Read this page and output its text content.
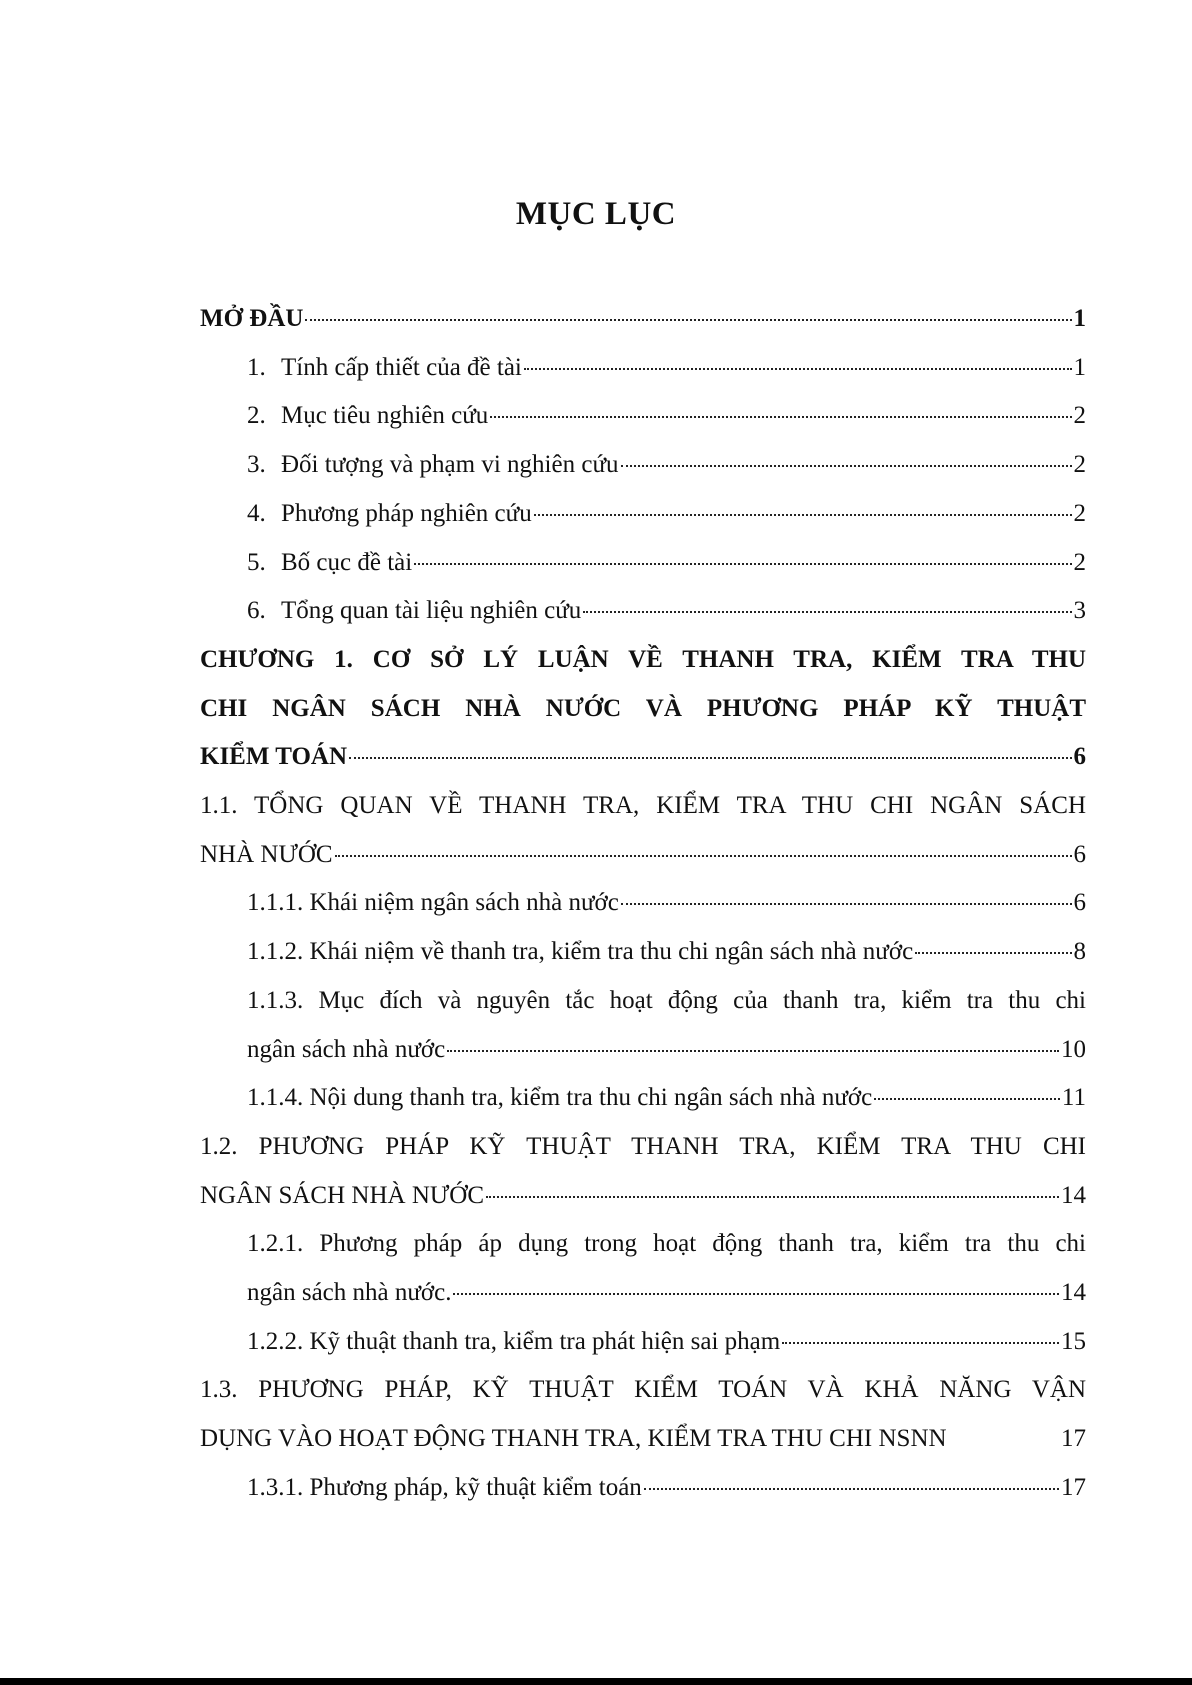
MỤC LỤC
MỞ ĐẦU	1
1. Tính cấp thiết của đề tài	1
2. Mục tiêu nghiên cứu	2
3. Đối tượng và phạm vi nghiên cứu	2
4. Phương pháp nghiên cứu	2
5. Bố cục đề tài	2
6. Tổng quan tài liệu nghiên cứu	3
CHƯƠNG 1. CƠ SỞ LÝ LUẬN VỀ THANH TRA, KIỂM TRA THU
CHI NGÂN SÁCH NHÀ NƯỚC VÀ PHƯƠNG PHÁP KỸ THUẬT
KIỂM TOÁN	6
1.1. TỔNG QUAN VỀ THANH TRA, KIỂM TRA THU CHI NGÂN SÁCH
NHÀ NƯỚC	6
1.1.1. Khái niệm ngân sách nhà nước	6
1.1.2. Khái niệm về thanh tra, kiểm tra thu chi ngân sách nhà nước	8
1.1.3. Mục đích và nguyên tắc hoạt động của thanh tra, kiểm tra thu chi
ngân sách nhà nước	10
1.1.4. Nội dung thanh tra, kiểm tra thu chi ngân sách nhà nước	11
1.2. PHƯƠNG PHÁP KỸ THUẬT THANH TRA, KIỂM TRA THU CHI
NGÂN SÁCH NHÀ NƯỚC	14
1.2.1. Phương pháp áp dụng trong hoạt động thanh tra, kiểm tra thu chi
ngân sách nhà nước.	14
1.2.2. Kỹ thuật thanh tra, kiểm tra phát hiện sai phạm	15
1.3. PHƯƠNG PHÁP, KỸ THUẬT KIỂM TOÁN VÀ KHẢ NĂNG VẬN
DỤNG VÀO HOẠT ĐỘNG THANH TRA, KIỂM TRA THU CHI NSNN	17
1.3.1. Phương pháp, kỹ thuật kiểm toán	17
